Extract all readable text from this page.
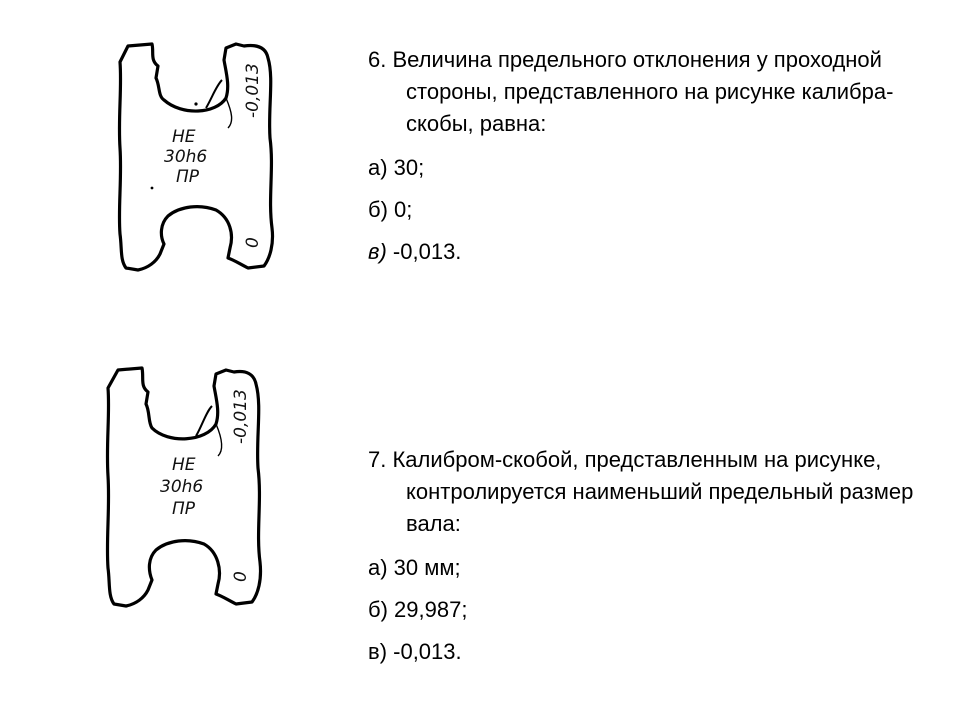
НЕ
30h6
ПР
-0,013
0

6. Величина предельного отклонения у проходной стороны, представленного на рисунке калибра-скобы, равна:

а) 30;

б) 0;

в) -0,013.

НЕ
30h6
ПР
-0,013
0

7. Калибром-скобой, представленным на рисунке, контролируется наименьший предельный размер вала:

а) 30 мм;

б) 29,987;

в) -0,013.
